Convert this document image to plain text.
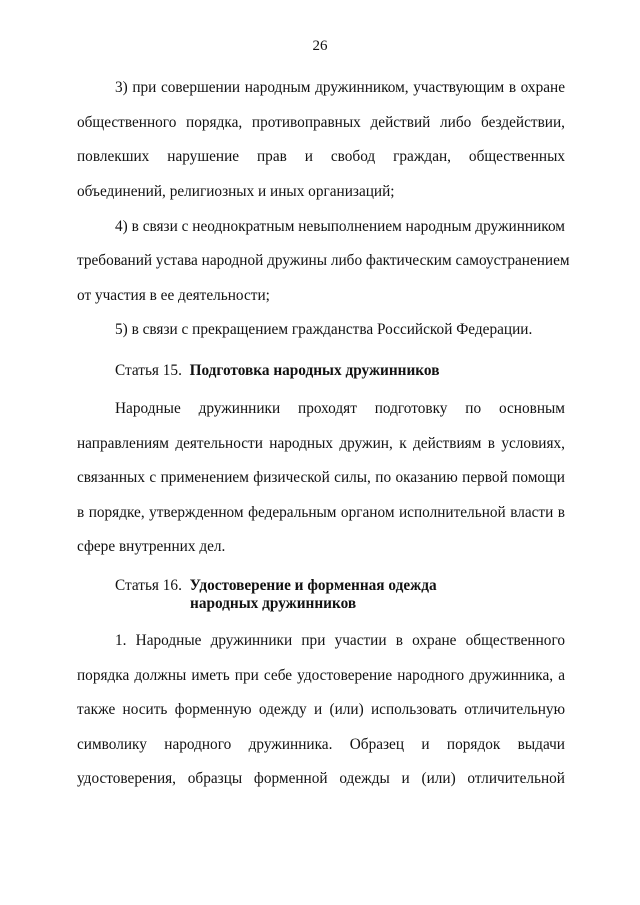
26
3) при совершении народным дружинником, участвующим в охране
общественного порядка, противоправных действий либо бездействии,
повлекших нарушение прав и свобод граждан, общественных
объединений, религиозных и иных организаций;
4) в связи с неоднократным невыполнением народным дружинником
требований устава народной дружины либо фактическим самоустранением
от участия в ее деятельности;
5) в связи с прекращением гражданства Российской Федерации.
Статья 15. Подготовка народных дружинников
Народные дружинники проходят подготовку по основным
направлениям деятельности народных дружин, к действиям в условиях,
связанных с применением физической силы, по оказанию первой помощи
в порядке, утвержденном федеральным органом исполнительной власти в
сфере внутренних дел.
Статья 16. Удостоверение и форменная одежда
народных дружинников
1. Народные дружинники при участии в охране общественного
порядка должны иметь при себе удостоверение народного дружинника, а
также носить форменную одежду и (или) использовать отличительную
символику народного дружинника. Образец и порядок выдачи
удостоверения, образцы форменной одежды и (или) отличительной
